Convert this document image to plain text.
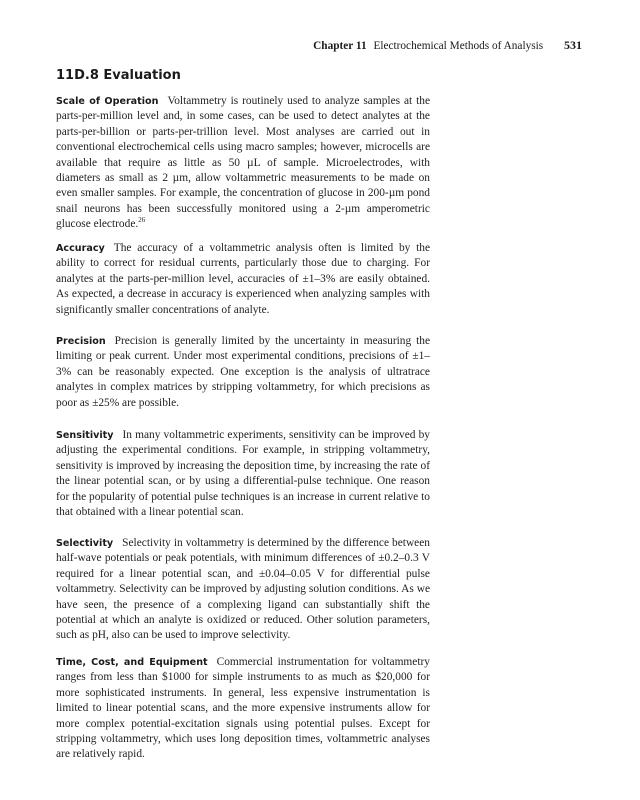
Chapter 11 Electrochemical Methods of Analysis 531
11D.8 Evaluation
Scale of Operation Voltammetry is routinely used to analyze samples at the parts-per-million level and, in some cases, can be used to detect analytes at the parts-per-billion or parts-per-trillion level. Most analyses are carried out in conventional electrochemical cells using macro samples; however, microcells are available that require as little as 50 µL of sample. Microelectrodes, with diameters as small as 2 µm, allow voltammetric measurements to be made on even smaller samples. For example, the concentration of glucose in 200-µm pond snail neurons has been successfully monitored using a 2-µm amperometric glucose electrode.$^{26}$
Accuracy The accuracy of a voltammetric analysis often is limited by the ability to correct for residual currents, particularly those due to charging. For analytes at the parts-per-million level, accuracies of ±1–3% are easily obtained. As expected, a decrease in accuracy is experienced when analyzing samples with significantly smaller concentrations of analyte.
Precision Precision is generally limited by the uncertainty in measuring the limiting or peak current. Under most experimental conditions, precisions of ±1–3% can be reasonably expected. One exception is the analysis of ultratrace analytes in complex matrices by stripping voltammetry, for which precisions as poor as ±25% are possible.
Sensitivity In many voltammetric experiments, sensitivity can be improved by adjusting the experimental conditions. For example, in stripping voltammetry, sensitivity is improved by increasing the deposition time, by increasing the rate of the linear potential scan, or by using a differential-pulse technique. One reason for the popularity of potential pulse techniques is an increase in current relative to that obtained with a linear potential scan.
Selectivity Selectivity in voltammetry is determined by the difference between half-wave potentials or peak potentials, with minimum differences of ±0.2–0.3 V required for a linear potential scan, and ±0.04–0.05 V for differential pulse voltammetry. Selectivity can be improved by adjusting solution conditions. As we have seen, the presence of a complexing ligand can substantially shift the potential at which an analyte is oxidized or reduced. Other solution parameters, such as pH, also can be used to improve selectivity.
Time, Cost, and Equipment Commercial instrumentation for voltammetry ranges from less than $1000 for simple instruments to as much as $20,000 for more sophisticated instruments. In general, less expensive instrumentation is limited to linear potential scans, and the more expensive instruments allow for more complex potential-excitation signals using potential pulses. Except for stripping voltammetry, which uses long deposition times, voltammetric analyses are relatively rapid.
